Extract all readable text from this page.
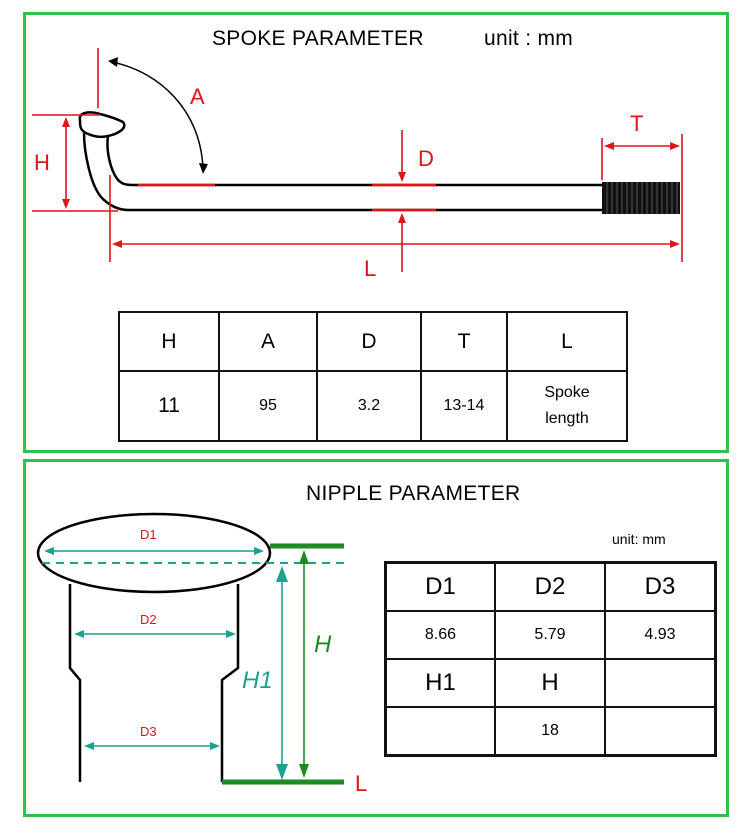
SPOKE PARAMETER	unit : mm
A
H	D
T
L
H	A	D	T	L
11	95	3.2	13-14	Spoke
length
NIPPLE PARAMETER
unit: mm
D1
D2
D3
H1
H
L
D1	D2	D3
8.66	5.79	4.93
H1	H	
	18	
